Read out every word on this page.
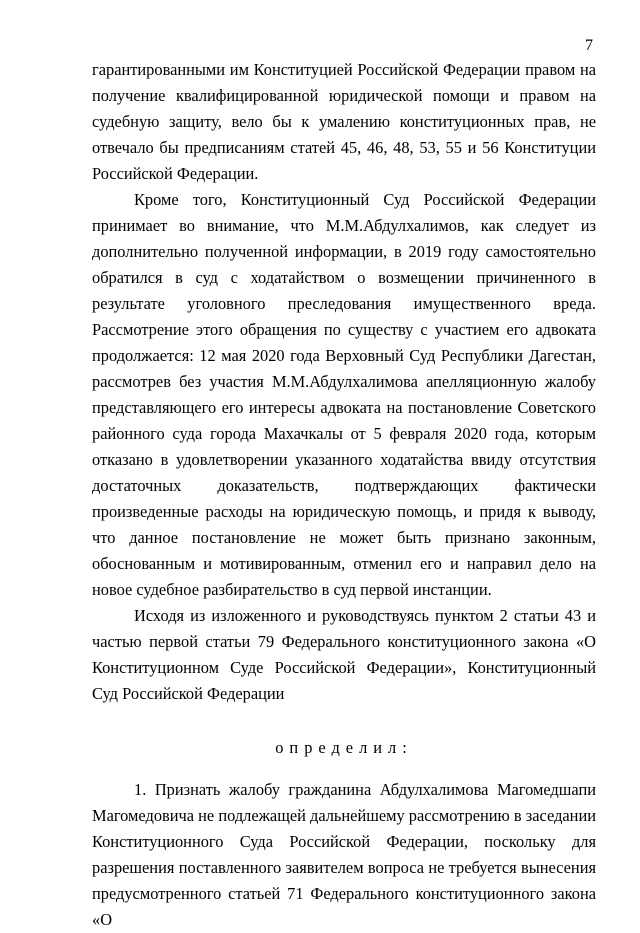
7

гарантированными им Конституцией Российской Федерации правом на получение квалифицированной юридической помощи и правом на судебную защиту, вело бы к умалению конституционных прав, не отвечало бы предписаниям статей 45, 46, 48, 53, 55 и 56 Конституции Российской Федерации.

Кроме того, Конституционный Суд Российской Федерации принимает во внимание, что М.М.Абдулхалимов, как следует из дополнительно полученной информации, в 2019 году самостоятельно обратился в суд с ходатайством о возмещении причиненного в результате уголовного преследования имущественного вреда. Рассмотрение этого обращения по существу с участием его адвоката продолжается: 12 мая 2020 года Верховный Суд Республики Дагестан, рассмотрев без участия М.М.Абдулхалимова апелляционную жалобу представляющего его интересы адвоката на постановление Советского районного суда города Махачкалы от 5 февраля 2020 года, которым отказано в удовлетворении указанного ходатайства ввиду отсутствия достаточных доказательств, подтверждающих фактически произведенные расходы на юридическую помощь, и придя к выводу, что данное постановление не может быть признано законным, обоснованным и мотивированным, отменил его и направил дело на новое судебное разбирательство в суд первой инстанции.

Исходя из изложенного и руководствуясь пунктом 2 статьи 43 и частью первой статьи 79 Федерального конституционного закона «О Конституционном Суде Российской Федерации», Конституционный Суд Российской Федерации

определил:

1. Признать жалобу гражданина Абдулхалимова Магомедшапи Магомедовича не подлежащей дальнейшему рассмотрению в заседании Конституционного Суда Российской Федерации, поскольку для разрешения поставленного заявителем вопроса не требуется вынесения предусмотренного статьей 71 Федерального конституционного закона «О
